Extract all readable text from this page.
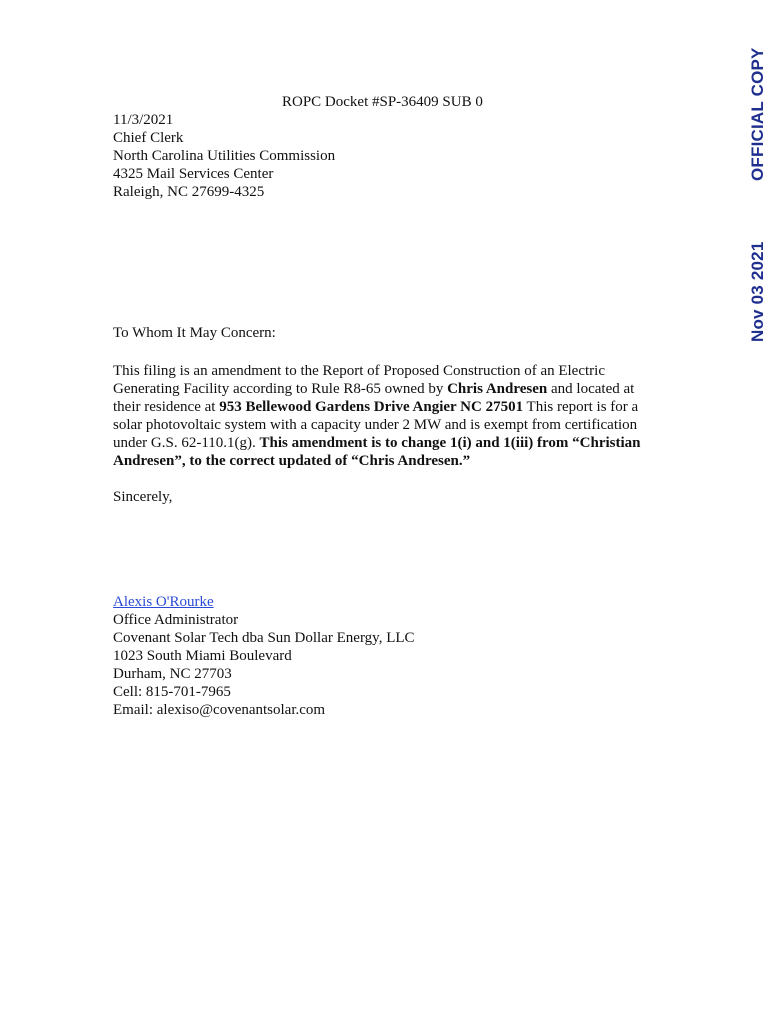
OFFICIAL COPY
Nov 03 2021
ROPC Docket #SP-36409 SUB 0
11/3/2021
Chief Clerk
North Carolina Utilities Commission
4325 Mail Services Center
Raleigh, NC 27699-4325
To Whom It May Concern:
This filing is an amendment to the Report of Proposed Construction of an Electric Generating Facility according to Rule R8-65 owned by Chris Andresen and located at their residence at 953 Bellewood Gardens Drive Angier NC 27501 This report is for a solar photovoltaic system with a capacity under 2 MW and is exempt from certification under G.S. 62-110.1(g). This amendment is to change 1(i) and 1(iii) from “Christian Andresen”, to the correct updated of “Chris Andresen.”
Sincerely,
Alexis O'Rourke
Office Administrator
Covenant Solar Tech dba Sun Dollar Energy, LLC
1023 South Miami Boulevard
Durham, NC 27703
Cell: 815-701-7965
Email: alexiso@covenantsolar.com
